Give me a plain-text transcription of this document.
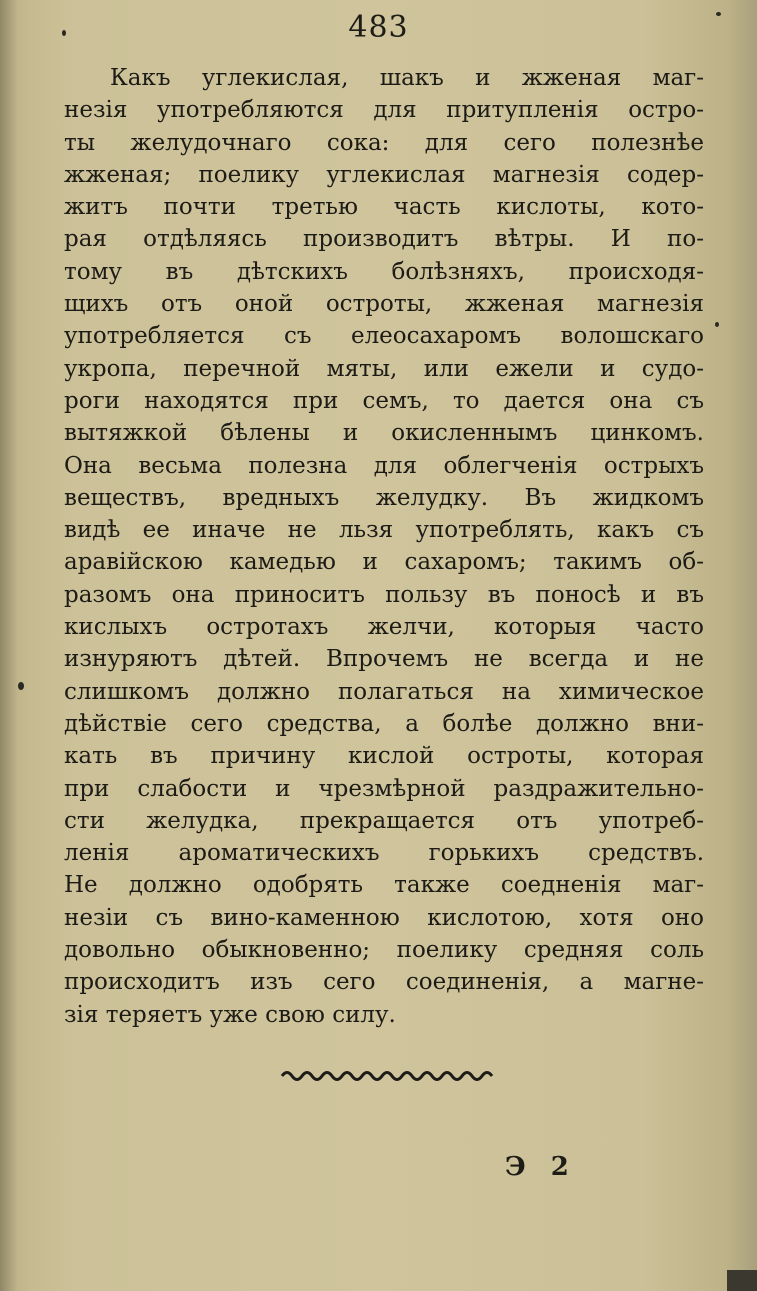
483
Какъ углекислая, шакъ и жженая маг-
незія употребляются для притупленія остро-
ты желудочнаго сока: для сего полезнѣе
жженая; поелику углекислая магнезія содер-
житъ почти третью часть кислоты, кото-
рая отдѣляясь производитъ вѣтры. И по-
тому въ дѣтскихъ болѣзняхъ, происходя-
щихъ отъ оной остроты, жженая магнезія
употребляется съ елеосахаромъ волошскаго
укропа, перечной мяты, или ежели и судо-
роги находятся при семъ, то дается она съ
вытяжкой бѣлены и окисленнымъ цинкомъ.
Она весьма полезна для облегченія острыхъ
веществъ, вредныхъ желудку. Въ жидкомъ
видѣ ее иначе не льзя употреблять, какъ съ
аравійскою камедью и сахаромъ; такимъ об-
разомъ она приноситъ пользу въ поносѣ и въ
кислыхъ остротахъ желчи, которыя часто
изнуряютъ дѣтей. Впрочемъ не всегда и не
слишкомъ должно полагаться на химическое
дѣйствіе сего средства, а болѣе должно вни-
кать въ причину кислой остроты, которая
при слабости и чрезмѣрной раздражительно-
сти желудка, прекращается отъ употреб-
ленія ароматическихъ горькихъ средствъ.
Не должно одобрять также соедненія маг-
незіи съ вино-каменною кислотою, хотя оно
довольно обыкновенно; поелику средняя соль
происходитъ изъ сего соединенія, а магне-
зія теряетъ уже свою силу.
Э 2
